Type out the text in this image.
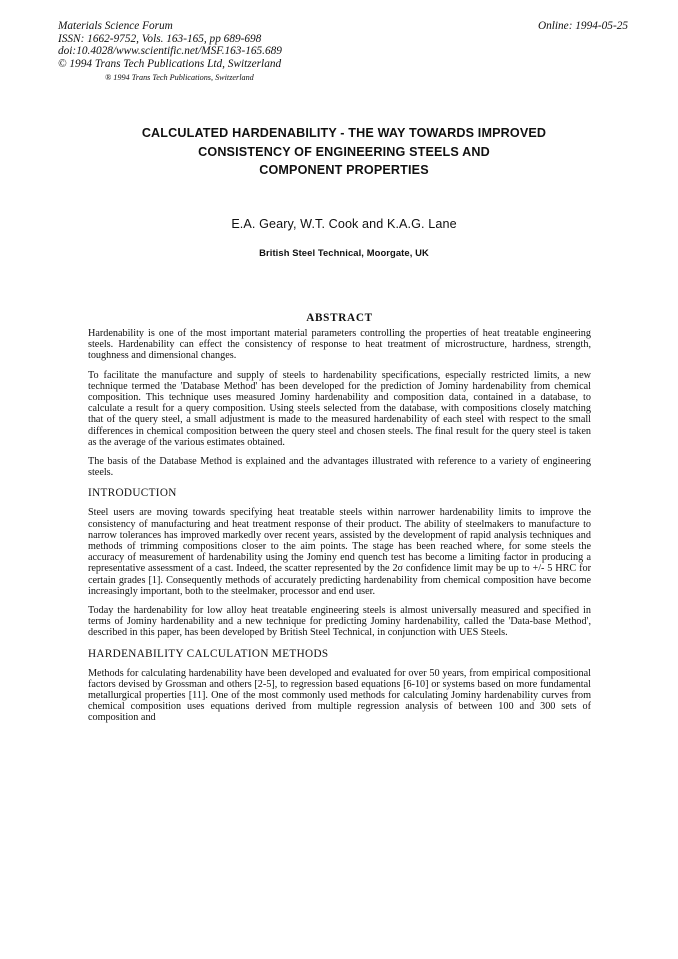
Materials Science Forum
ISSN: 1662-9752, Vols. 163-165, pp 689-698
doi:10.4028/www.scientific.net/MSF.163-165.689
© 1994 Trans Tech Publications Ltd, Switzerland
Online: 1994-05-25
® 1994 Trans Tech Publications, Switzerland
CALCULATED HARDENABILITY - THE WAY TOWARDS IMPROVED
CONSISTENCY OF ENGINEERING STEELS AND
COMPONENT PROPERTIES

E.A. Geary, W.T. Cook and K.A.G. Lane

British Steel Technical, Moorgate, UK

ABSTRACT

Hardenability is one of the most important material parameters controlling the properties of heat treatable engineering steels. Hardenability can effect the consistency of response to heat treatment of microstructure, hardness, strength, toughness and dimensional changes.

To facilitate the manufacture and supply of steels to hardenability specifications, especially restricted limits, a new technique termed the 'Database Method' has been developed for the prediction of Jominy hardenability from chemical composition. This technique uses measured Jominy hardenability and composition data, contained in a database, to calculate a result for a query composition. Using steels selected from the database, with compositions closely matching that of the query steel, a small adjustment is made to the measured hardenability of each steel with respect to the small differences in chemical composition between the query steel and chosen steels. The final result for the query steel is taken as the average of the various estimates obtained.

The basis of the Database Method is explained and the advantages illustrated with reference to a variety of engineering steels.

INTRODUCTION

Steel users are moving towards specifying heat treatable steels within narrower hardenability limits to improve the consistency of manufacturing and heat treatment response of their product. The ability of steelmakers to manufacture to narrow tolerances has improved markedly over recent years, assisted by the development of rapid analysis techniques and methods of trimming compositions closer to the aim points. The stage has been reached where, for some steels the accuracy of measurement of hardenability using the Jominy end quench test has become a limiting factor in producing a representative assessment of a cast. Indeed, the scatter represented by the 2σ confidence limit may be up to +/- 5 HRC for certain grades [1]. Consequently methods of accurately predicting hardenability from chemical composition have become increasingly important, both to the steelmaker, processor and end user.

Today the hardenability for low alloy heat treatable engineering steels is almost universally measured and specified in terms of Jominy hardenability and a new technique for predicting Jominy hardenability, called the 'Data-base Method', described in this paper, has been developed by British Steel Technical, in conjunction with UES Steels.

HARDENABILITY CALCULATION METHODS

Methods for calculating hardenability have been developed and evaluated for over 50 years, from empirical compositional factors devised by Grossman and others [2-5], to regression based equations [6-10] or systems based on more fundamental metallurgical properties [11]. One of the most commonly used methods for calculating Jominy hardenability curves from chemical composition uses equations derived from multiple regression analysis of between 100 and 300 sets of composition and
